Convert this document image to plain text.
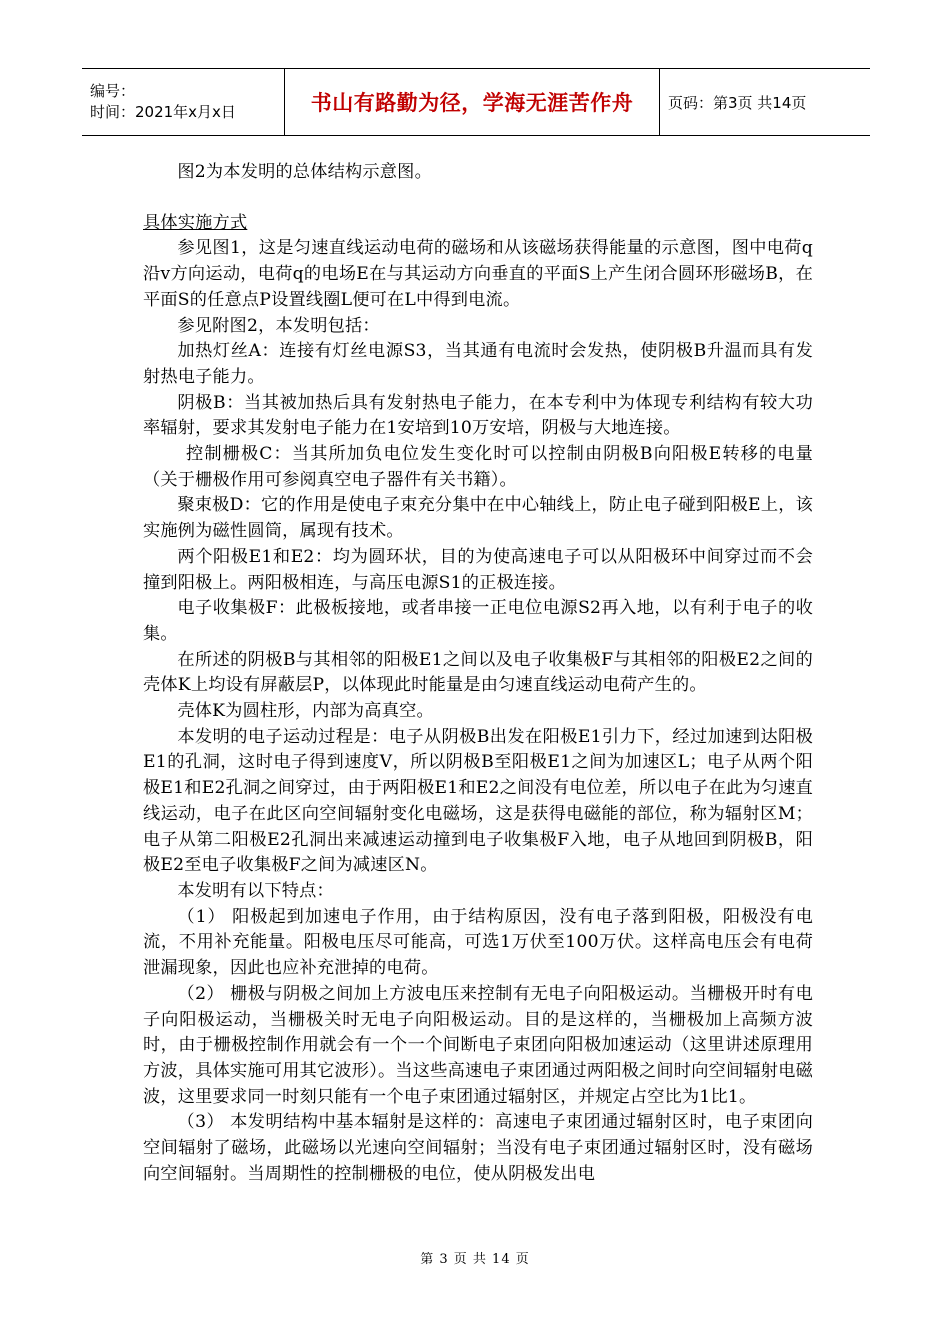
编号：
时间：2021年x月x日	书山有路勤为径，学海无涯苦作舟 页码：第3页 共14页

图2为本发明的总体结构示意图。

具体实施方式

参见图1，这是匀速直线运动电荷的磁场和从该磁场获得能量的示意图，图中电荷q沿v方向运动，电荷q的电场E在与其运动方向垂直的平面S上产生闭合圆环形磁场B，在平面S的任意点P设置线圈L便可在L中得到电流。

参见附图2，本发明包括：

加热灯丝A：连接有灯丝电源S3，当其通有电流时会发热，使阴极B升温而具有发射热电子能力。

阴极B：当其被加热后具有发射热电子能力，在本专利中为体现专利结构有较大功率辐射，要求其发射电子能力在1安培到10万安培，阴极与大地连接。

控制栅极C：当其所加负电位发生变化时可以控制由阴极B向阳极E转移的电量（关于栅极作用可参阅真空电子器件有关书籍）。

聚束极D：它的作用是使电子束充分集中在中心轴线上，防止电子碰到阳极E上，该实施例为磁性圆筒，属现有技术。

两个阳极E1和E2：均为圆环状，目的为使高速电子可以从阳极环中间穿过而不会撞到阳极上。两阳极相连，与高压电源S1的正极连接。

电子收集极F：此极板接地，或者串接一正电位电源S2再入地，以有利于电子的收集。

在所述的阴极B与其相邻的阳极E1之间以及电子收集极F与其相邻的阳极E2之间的壳体K上均设有屏蔽层P，以体现此时能量是由匀速直线运动电荷产生的。

壳体K为圆柱形，内部为高真空。

本发明的电子运动过程是：电子从阴极B出发在阳极E1引力下，经过加速到达阳极E1的孔洞，这时电子得到速度V，所以阴极B至阳极E1之间为加速区L；电子从两个阳极E1和E2孔洞之间穿过，由于两阳极E1和E2之间没有电位差，所以电子在此为匀速直线运动，电子在此区向空间辐射变化电磁场，这是获得电磁能的部位，称为辐射区M；电子从第二阳极E2孔洞出来减速运动撞到电子收集极F入地，电子从地回到阴极B，阳极E2至电子收集极F之间为减速区N。

本发明有以下特点：

（1） 阳极起到加速电子作用，由于结构原因，没有电子落到阳极，阳极没有电流，不用补充能量。阳极电压尽可能高，可选1万伏至100万伏。这样高电压会有电荷泄漏现象，因此也应补充泄掉的电荷。

（2） 栅极与阴极之间加上方波电压来控制有无电子向阳极运动。当栅极开时有电子向阳极运动，当栅极关时无电子向阳极运动。目的是这样的，当栅极加上高频方波时，由于栅极控制作用就会有一个一个间断电子束团向阳极加速运动（这里讲述原理用方波，具体实施可用其它波形）。当这些高速电子束团通过两阳极之间时向空间辐射电磁波，这里要求同一时刻只能有一个电子束团通过辐射区，并规定占空比为1比1。

（3） 本发明结构中基本辐射是这样的：高速电子束团通过辐射区时，电子束团向空间辐射了磁场，此磁场以光速向空间辐射；当没有电子束团通过辐射区时，没有磁场向空间辐射。当周期性的控制栅极的电位，使从阴极发出电

第 3 页 共 14 页
